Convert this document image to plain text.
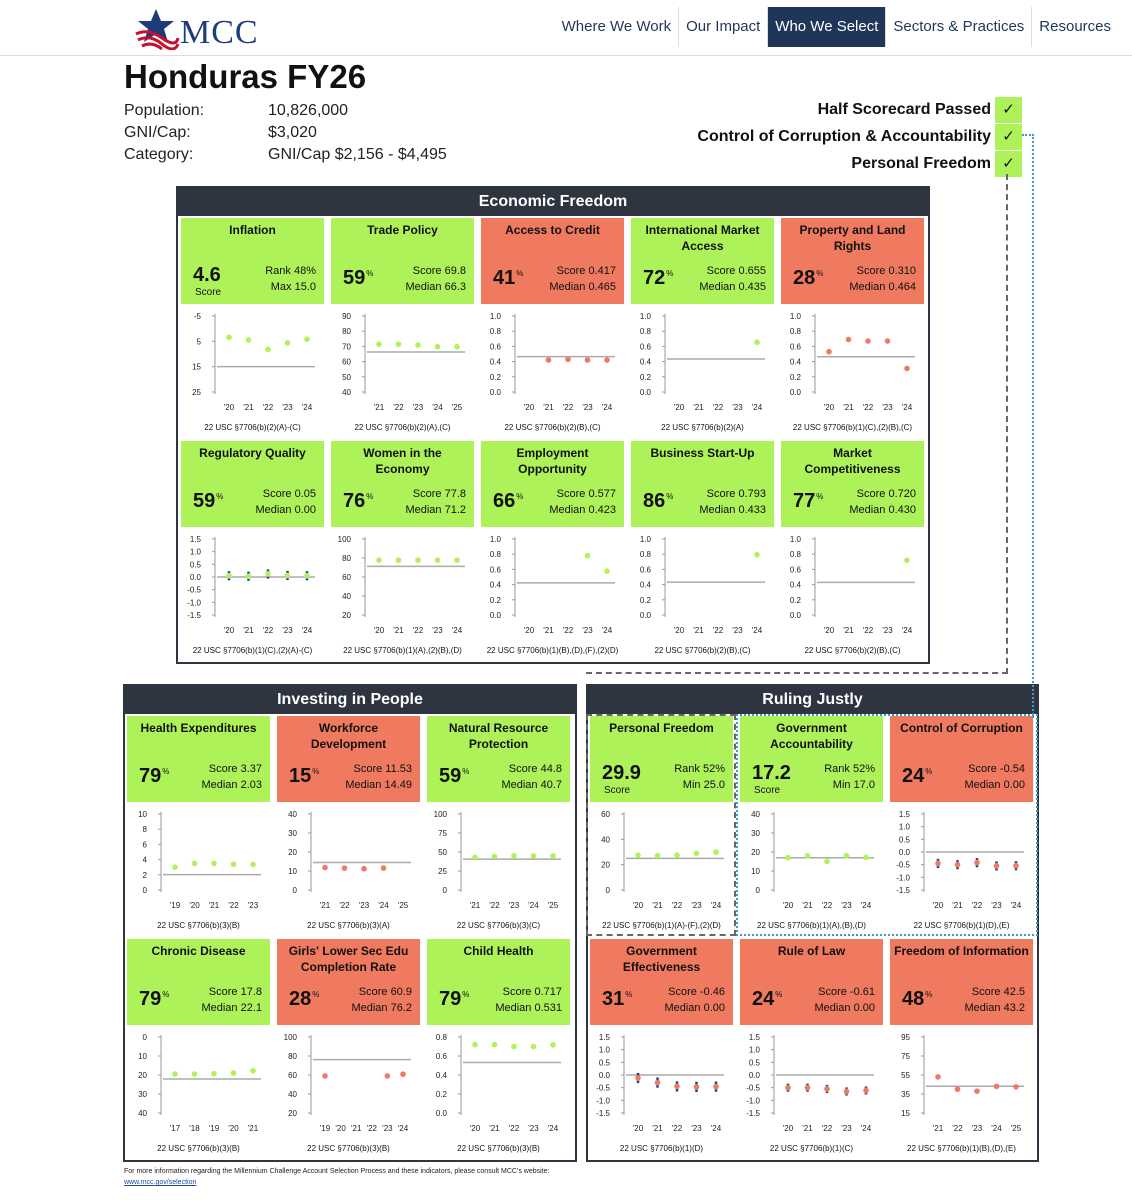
MCC	Where We Work	Our Impact	Who We Select	Sectors & Practices	Resources
Honduras FY26
Population:	10,826,000
GNI/Cap:	$3,020
Category:	GNI/Cap $2,156 - $4,495
Half Scorecard Passed ✓
Control of Corruption & Accountability ✓
Personal Freedom ✓
Economic Freedom
Inflation
4.6
Score
Rank 48%
Max 15.0
-5
5
15
25
'20 '21 '22 '23 '24
22 USC §7706(b)(2)(A)-(C)
Trade Policy
59%	Score 69.8
Median 66.3
90
80
70
60
50
40
'21 '22 '23 '24 '25
22 USC §7706(b)(2)(A),(C)
Access to Credit
41%	Score 0.417
Median 0.465
1.0
0.8
0.6
0.4
0.2
0.0
'20 '21 '22 '23 '24
22 USC §7706(b)(2)(B),(C)
International Market Access
72%	Score 0.655
Median 0.435
1.0
0.8
0.6
0.4
0.2
0.0
'20 '21 '22 '23 '24
22 USC §7706(b)(2)(A)
Property and Land Rights
28%	Score 0.310
Median 0.464
1.0
0.8
0.6
0.4
0.2
0.0
'20 '21 '22 '23 '24
22 USC §7706(b)(1)(C),(2)(B),(C)
Regulatory Quality
59%	Score 0.05
Median 0.00
1.5
1.0
0.5
0.0
-0.5
-1.0
-1.5
'20 '21 '22 '23 '24
22 USC §7706(b)(1)(C),(2)(A)-(C)
Women in the Economy
76%	Score 77.8
Median 71.2
100
80
60
40
20
'20 '21 '22 '23 '24
22 USC §7706(b)(1)(A),(2)(B),(D)
Employment Opportunity
66%	Score 0.577
Median 0.423
1.0
0.8
0.6
0.4
0.2
0.0
'20 '21 '22 '23 '24
22 USC §7706(b)(1)(B),(D),(F),(2)(D)
Business Start-Up
86%	Score 0.793
Median 0.433
1.0
0.8
0.6
0.4
0.2
0.0
'20 '21 '22 '23 '24
22 USC §7706(b)(2)(B),(C)
Market Competitiveness
77%	Score 0.720
Median 0.430
1.0
0.8
0.6
0.4
0.2
0.0
'20 '21 '22 '23 '24
22 USC §7706(b)(2)(B),(C)
Investing in People
Health Expenditures
79%	Score 3.37
Median 2.03
10
8
6
4
2
0
'19 '20 '21 '22 '23
22 USC §7706(b)(3)(B)
Workforce Development
15%	Score 11.53
Median 14.49
40
30
20
10
0
'21 '22 '23 '24 '25
22 USC §7706(b)(3)(A)
Natural Resource Protection
59%	Score 44.8
Median 40.7
100
75
50
25
0
'21 '22 '23 '24 '25
22 USC §7706(b)(3)(C)
Chronic Disease
79%	Score 17.8
Median 22.1
0
10
20
30
40
'17 '18 '19 '20 '21
22 USC §7706(b)(3)(B)
Girls' Lower Sec Edu Completion Rate
28%	Score 60.9
Median 76.2
100
80
60
40
20
'19 '20 '21 '22 '23 '24
22 USC §7706(b)(3)(B)
Child Health
79%	Score 0.717
Median 0.531
0.8
0.6
0.4
0.2
0.0
'20 '21 '22 '23 '24
22 USC §7706(b)(3)(B)
Ruling Justly
Personal Freedom
29.9
Score
Rank 52%
Min 25.0
60
40
20
0
'20 '21 '22 '23 '24
22 USC §7706(b)(1)(A)-(F),(2)(D)
Government Accountability
17.2
Score
Rank 52%
Min 17.0
40
30
20
10
0
'20 '21 '22 '23 '24
22 USC §7706(b)(1)(A),(B),(D)
Control of Corruption
24%	Score -0.54
Median 0.00
1.5
1.0
0.5
0.0
-0.5
-1.0
-1.5
'20 '21 '22 '23 '24
22 USC §7706(b)(1)(D),(E)
Government Effectiveness
31%	Score -0.46
Median 0.00
1.5
1.0
0.5
0.0
-0.5
-1.0
-1.5
'20 '21 '22 '23 '24
22 USC §7706(b)(1)(D)
Rule of Law
24%	Score -0.61
Median 0.00
1.5
1.0
0.5
0.0
-0.5
-1.0
-1.5
'20 '21 '22 '23 '24
22 USC §7706(b)(1)(C)
Freedom of Information
48%	Score 42.5
Median 43.2
95
75
55
35
15
'21 '22 '23 '24 '25
22 USC §7706(b)(1)(B),(D),(E)
For more information regarding the Millennium Challenge Account Selection Process and these indicators, please consult MCC's website:
www.mcc.gov/selection
